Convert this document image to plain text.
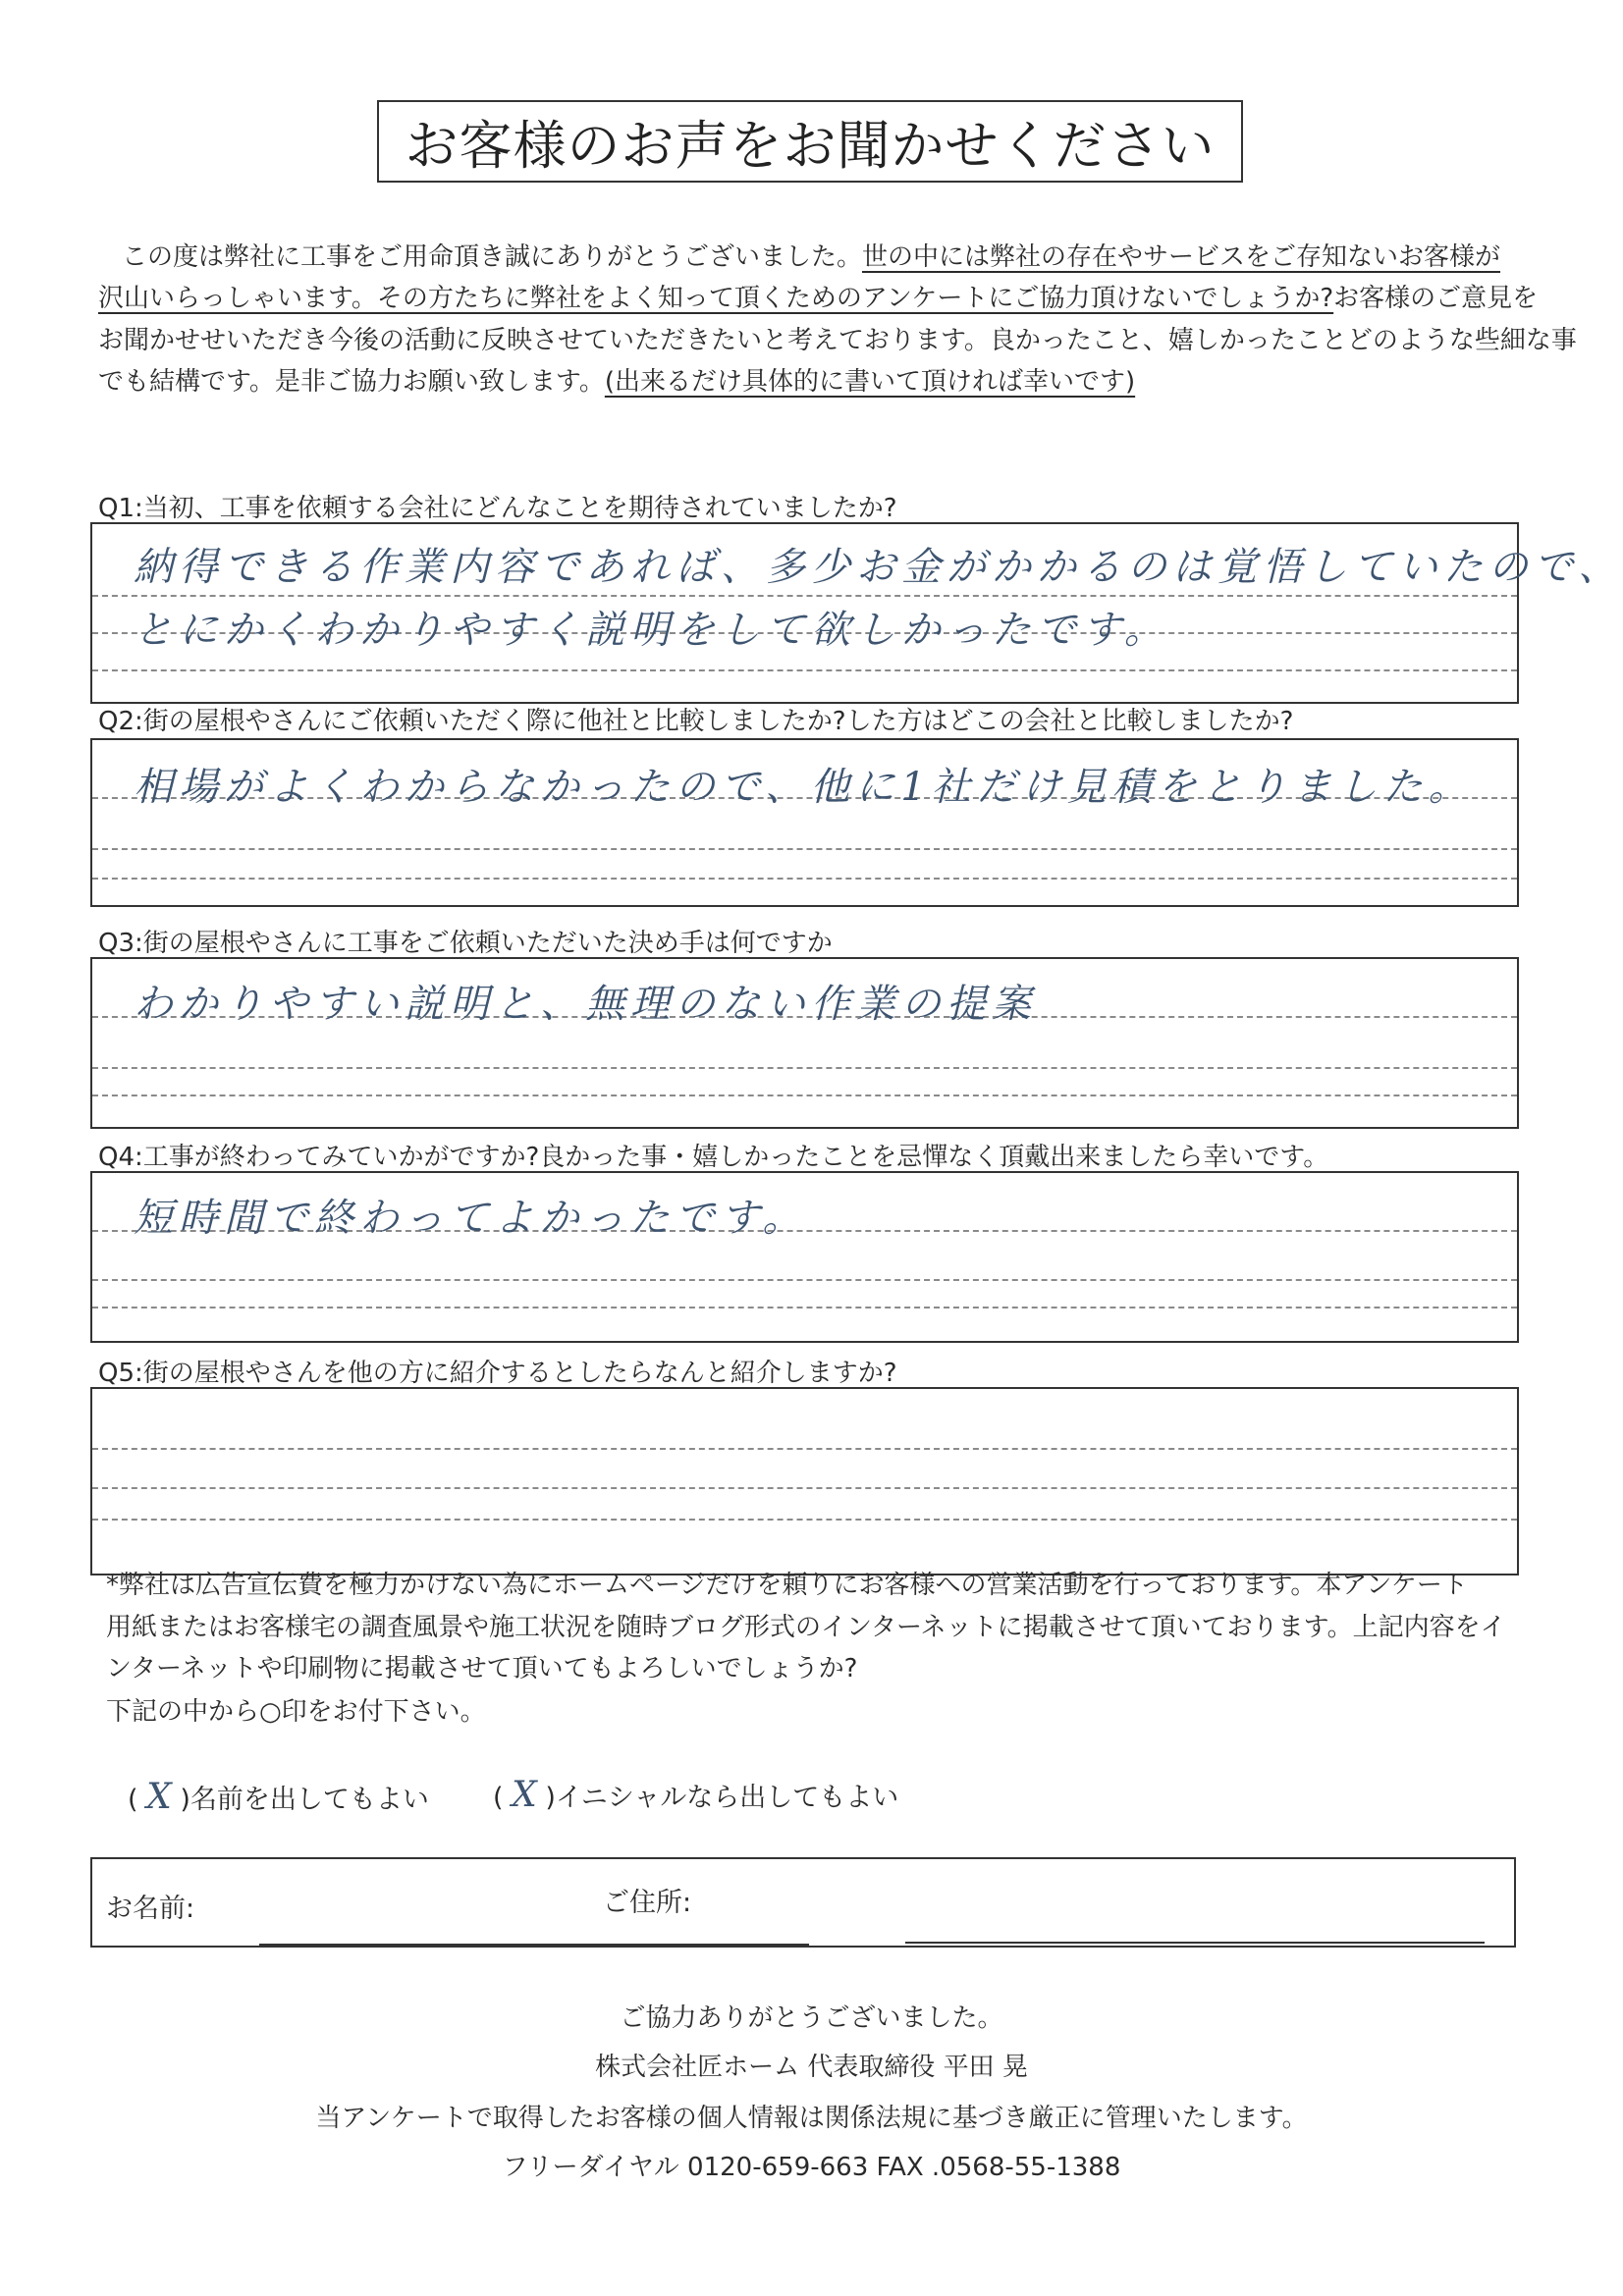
お客様のお声をお聞かせください
この度は弊社に工事をご用命頂き誠にありがとうございました。世の中には弊社の存在やサービスをご存知ないお客様が
沢山いらっしゃいます。その方たちに弊社をよく知って頂くためのアンケートにご協力頂けないでしょうか?お客様のご意見を
お聞かせせいただき今後の活動に反映させていただきたいと考えております。良かったこと、嬉しかったことどのような些細な事
でも結構です。是非ご協力お願い致します。(出来るだけ具体的に書いて頂ければ幸いです)
Q1:当初、工事を依頼する会社にどんなことを期待されていましたか?
納得できる作業内容であれば、多少お金がかかるのは覚悟していたので、
とにかくわかりやすく説明をして欲しかったです。
Q2:街の屋根やさんにご依頼いただく際に他社と比較しましたか?した方はどこの会社と比較しましたか?
相場がよくわからなかったので、他に1社だけ見積をとりました。
Q3:街の屋根やさんに工事をご依頼いただいた決め手は何ですか
わかりやすい説明と、無理のない作業の提案
Q4:工事が終わってみていかがですか?良かった事・嬉しかったことを忌憚なく頂戴出来ましたら幸いです。
短時間で終わってよかったです。
Q5:街の屋根やさんを他の方に紹介するとしたらなんと紹介しますか?
*弊社は広告宣伝費を極力かけない為にホームページだけを頼りにお客様への営業活動を行っております。本アンケート
用紙またはお客様宅の調査風景や施工状況を随時ブログ形式のインターネットに掲載させて頂いております。上記内容をイ
ンターネットや印刷物に掲載させて頂いてもよろしいでしょうか?
下記の中から○印をお付下さい。
( X )名前を出してもよい ( X )イニシャルなら出してもよい
お名前:	ご住所:
ご協力ありがとうございました。
株式会社匠ホーム 代表取締役 平田 晃
当アンケートで取得したお客様の個人情報は関係法規に基づき厳正に管理いたします。
フリーダイヤル 0120-659-663 FAX .0568-55-1388
